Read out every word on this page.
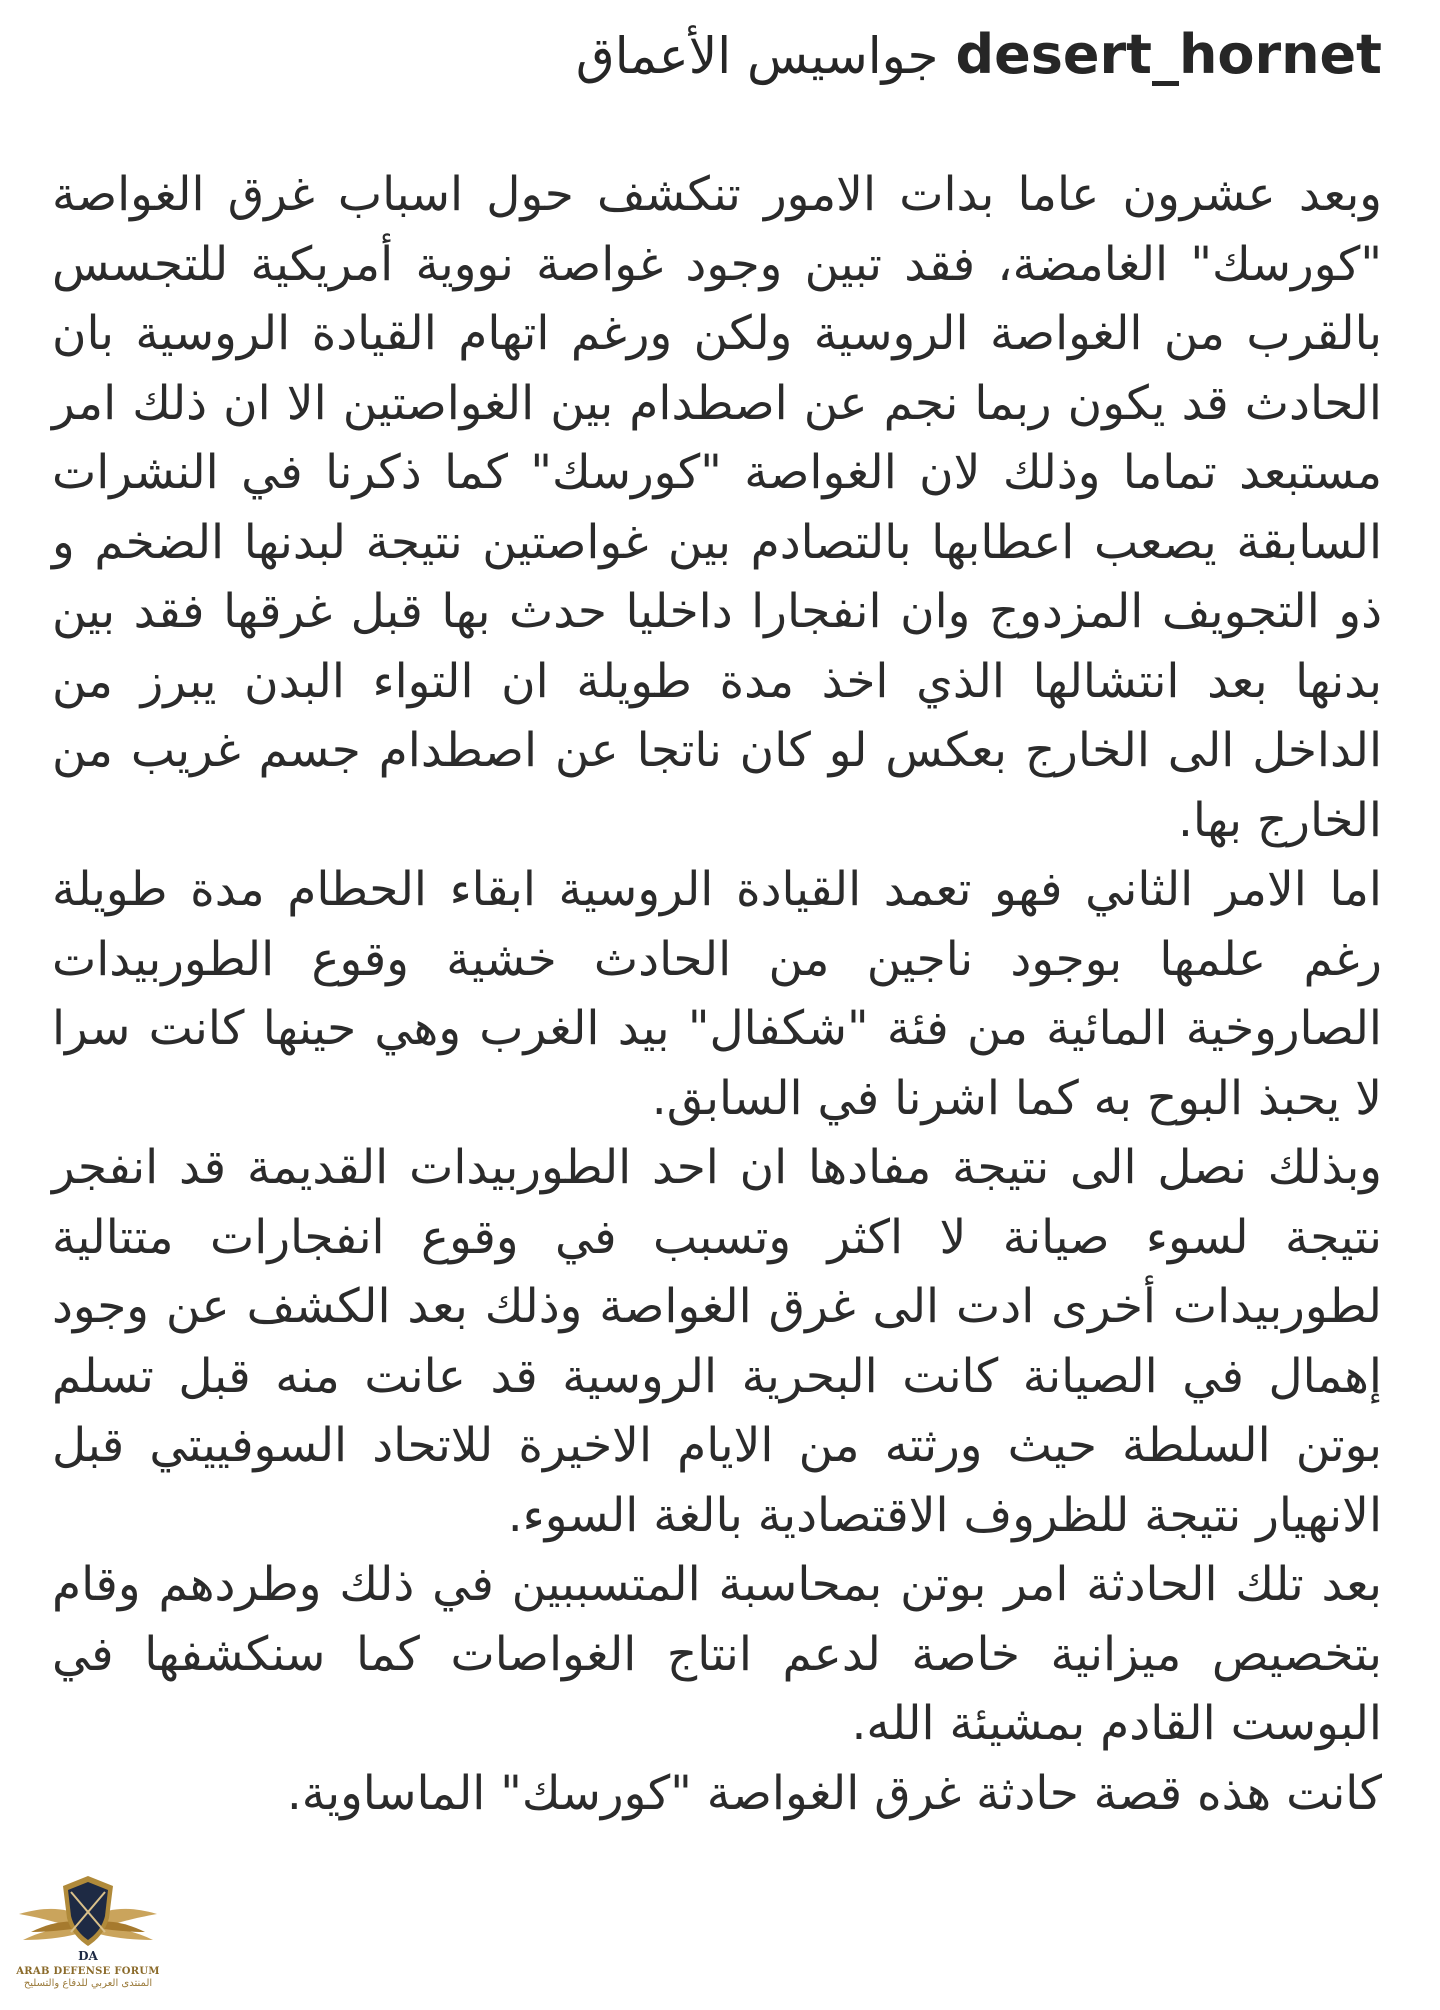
desert_hornet جواسيس الأعماق

وبعد عشرون عاما بدات الامور تنكشف حول اسباب غرق الغواصة "كورسك" الغامضة، فقد تبين وجود غواصة نووية أمريكية للتجسس بالقرب من الغواصة الروسية ولكن ورغم اتهام القيادة الروسية بان الحادث قد يكون ربما نجم عن اصطدام بين الغواصتين الا ان ذلك امر مستبعد تماما وذلك لان الغواصة "كورسك" كما ذكرنا في النشرات السابقة يصعب اعطابها بالتصادم بين غواصتين نتيجة لبدنها الضخم و ذو التجويف المزدوج وان انفجارا داخليا حدث بها قبل غرقها فقد بين بدنها بعد انتشالها الذي اخذ مدة طويلة ان التواء البدن يبرز من الداخل الى الخارج بعكس لو كان ناتجا عن اصطدام جسم غريب من الخارج بها.

اما الامر الثاني فهو تعمد القيادة الروسية ابقاء الحطام مدة طويلة رغم علمها بوجود ناجين من الحادث خشية وقوع الطوربيدات الصاروخية المائية من فئة "شكفال" بيد الغرب وهي حينها كانت سرا لا يحبذ البوح به كما اشرنا في السابق.

وبذلك نصل الى نتيجة مفادها ان احد الطوربيدات القديمة قد انفجر نتيجة لسوء صيانة لا اكثر وتسبب في وقوع انفجارات متتالية لطوربيدات أخرى ادت الى غرق الغواصة وذلك بعد الكشف عن وجود إهمال في الصيانة كانت البحرية الروسية قد عانت منه قبل تسلم بوتن السلطة حيث ورثته من الايام الاخيرة للاتحاد السوفييتي قبل الانهيار نتيجة للظروف الاقتصادية بالغة السوء.

بعد تلك الحادثة امر بوتن بمحاسبة المتسببين في ذلك وطردهم وقام بتخصيص ميزانية خاصة لدعم انتاج الغواصات كما سنكشفها في البوست القادم بمشيئة الله.

كانت هذه قصة حادثة غرق الغواصة "كورسك" الماساوية.

DA
ARAB DEFENSE FORUM
المنتدى العربي للدفاع والتسليح
